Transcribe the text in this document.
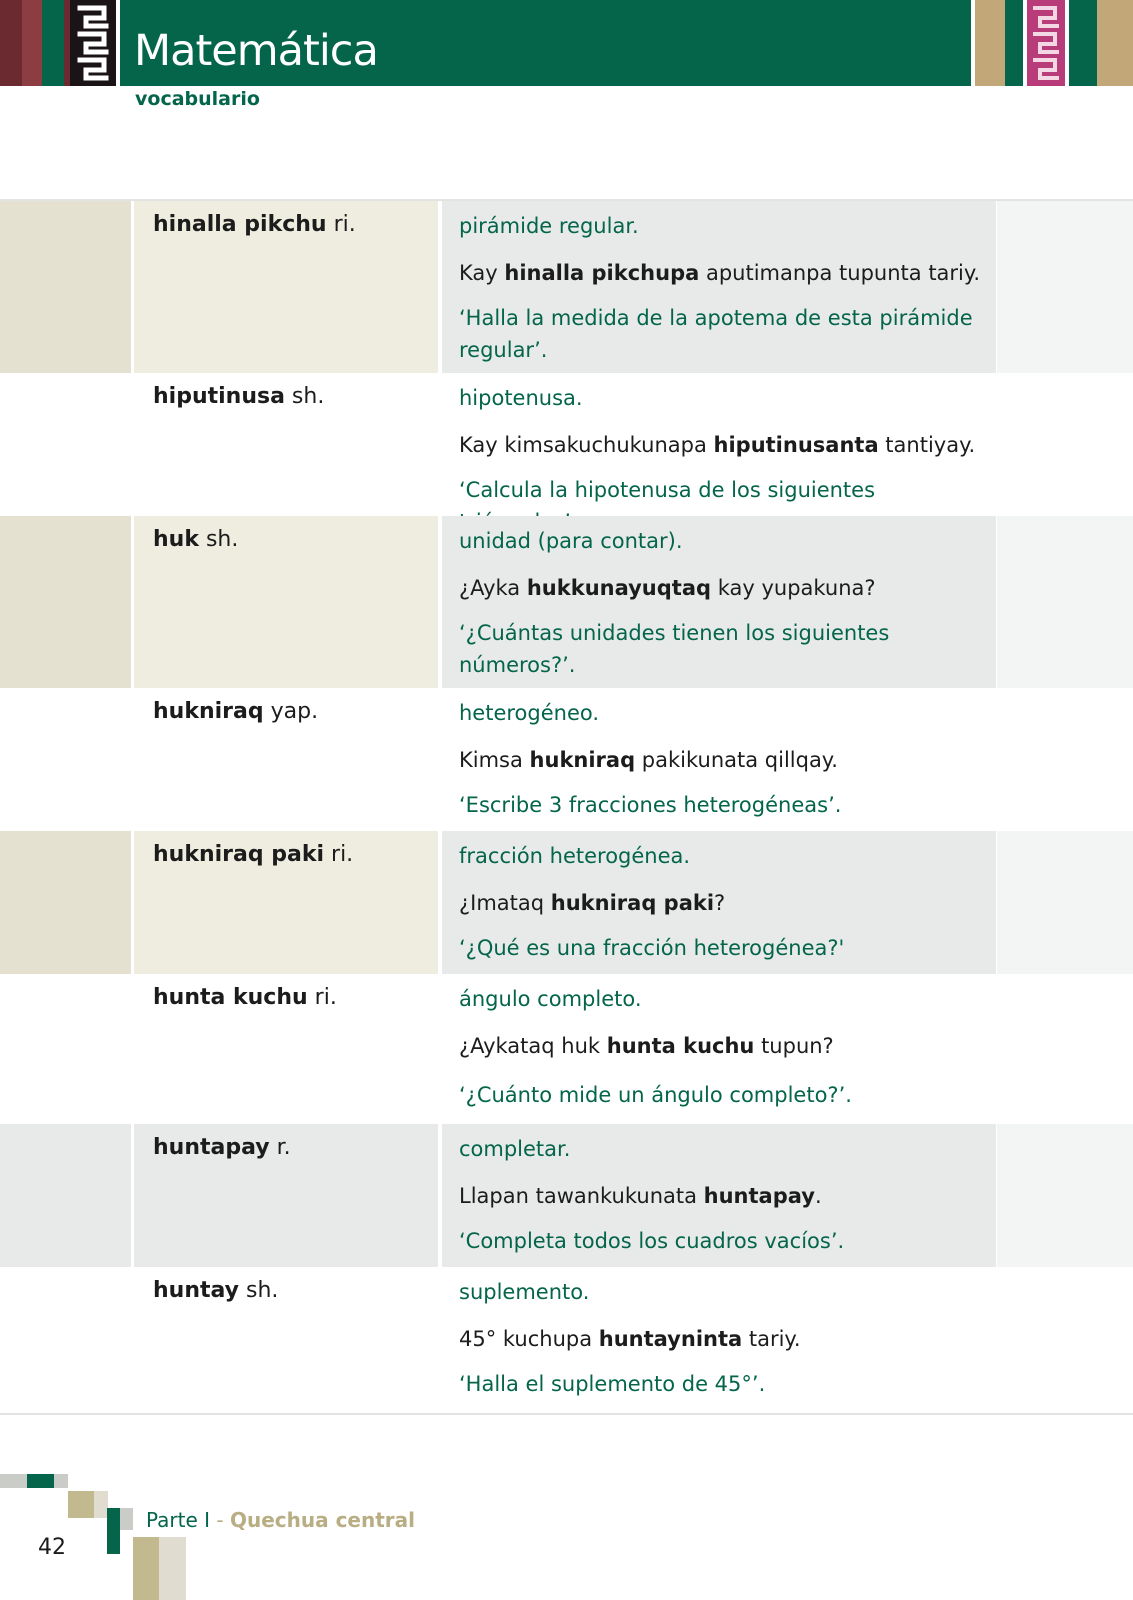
Matemática
vocabulario
hinalla pikchu ri.	pirámide regular.
Kay hinalla pikchupa aputimanpa tupunta tariy.
‘Halla la medida de la apotema de esta pirámide regular’.
hiputinusa sh.	hipotenusa.
Kay kimsakuchukunapa hiputinusanta tantiyay.
‘Calcula la hipotenusa de los siguientes
huk sh.	unidad (para contar).
¿Ayka hukkunayuqtaq kay yupakuna?
‘¿Cuántas unidades tienen los siguientes números?’.
hukniraq yap.	heterogéneo.
Kimsa hukniraq pakikunata qillqay.
‘Escribe 3 fracciones heterogéneas’.
hukniraq paki ri.	fracción heterogénea.
¿Imataq hukniraq paki?
‘¿Qué es una fracción heterogénea?'
hunta kuchu ri.	ángulo completo.
¿Aykataq huk hunta kuchu tupun?
‘¿Cuánto mide un ángulo completo?’.
huntapay r.	completar.
Llapan tawankukunata huntapay.
‘Completa todos los cuadros vacíos’.
huntay sh.	suplemento.
45° kuchupa huntayninta tariy.
‘Halla el suplemento de 45°’.
Parte I - Quechua central
42
